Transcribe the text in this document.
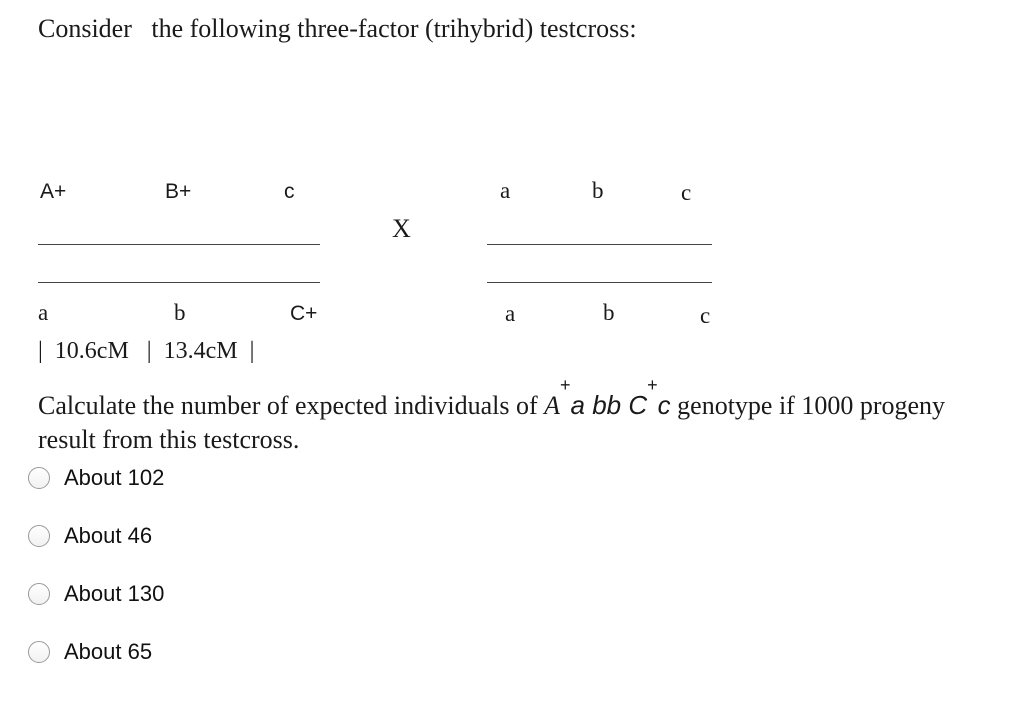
Consider   the following three-factor (trihybrid) testcross:
A+	B+	c
a	b	C+
X
a	b	c
a	b	c
|  10.6cM   |  13.4cM  |
Calculate the number of expected individuals of A+a bb C+c genotype if 1000 progeny result from this testcross.
About 102
About 46
About 130
About 65
